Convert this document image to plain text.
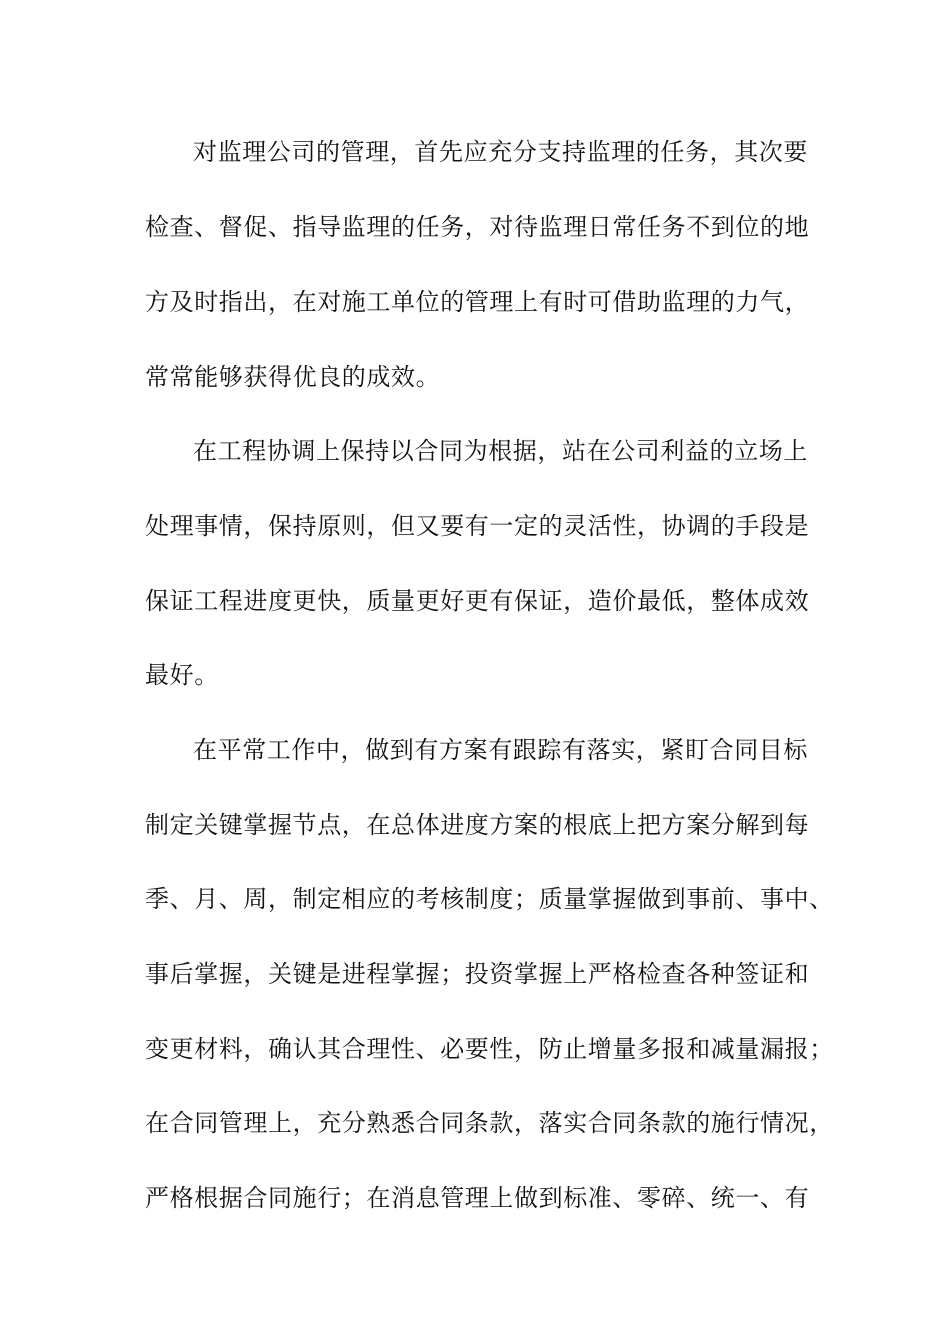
对监理公司的管理，首先应充分支持监理的任务，其次要
检查、督促、指导监理的任务，对待监理日常任务不到位的地
方及时指出，在对施工单位的管理上有时可借助监理的力气，
常常能够获得优良的成效。
在工程协调上保持以合同为根据，站在公司利益的立场上
处理事情，保持原则，但又要有一定的灵活性，协调的手段是
保证工程进度更快，质量更好更有保证，造价最低，整体成效
最好。
在平常工作中，做到有方案有跟踪有落实，紧盯合同目标
制定关键掌握节点，在总体进度方案的根底上把方案分解到每
季、月、周，制定相应的考核制度；质量掌握做到事前、事中、
事后掌握，关键是进程掌握；投资掌握上严格检查各种签证和
变更材料，确认其合理性、必要性，防止增量多报和减量漏报；
在合同管理上，充分熟悉合同条款，落实合同条款的施行情况，
严格根据合同施行；在消息管理上做到标准、零碎、统一、有
